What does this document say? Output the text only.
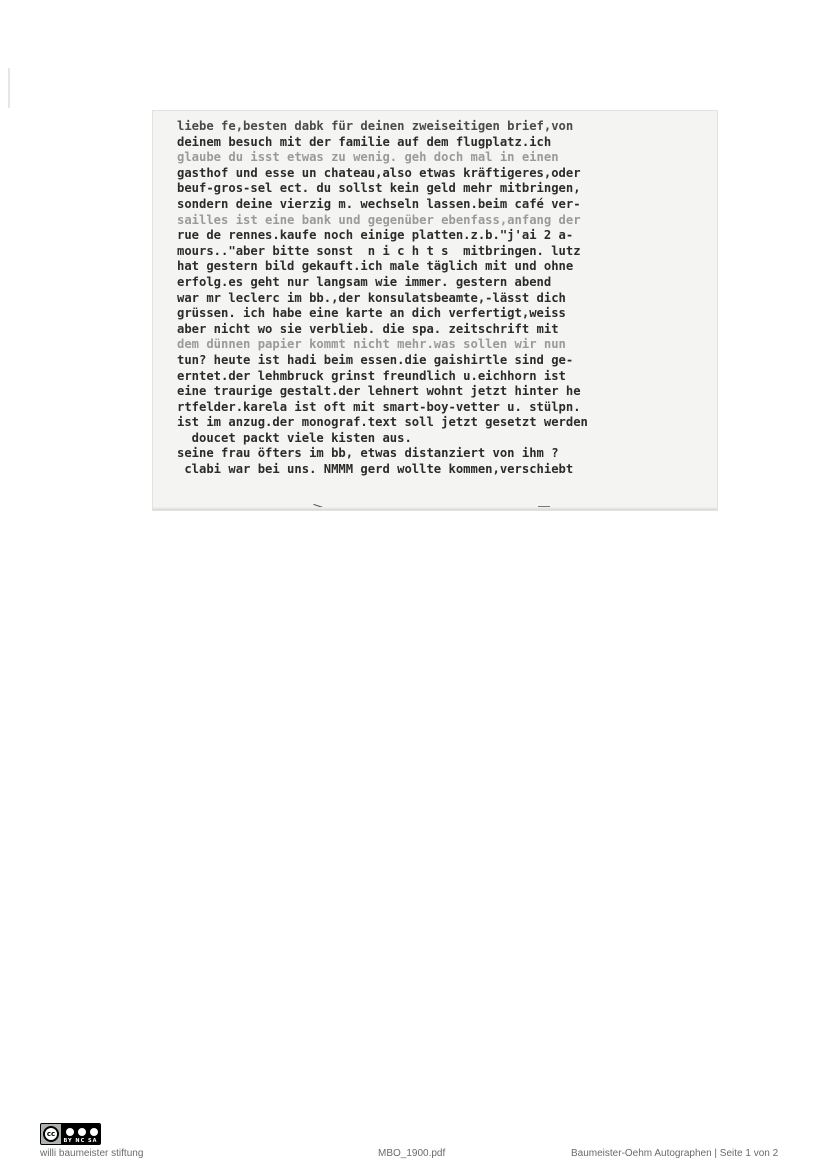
liebe fe,besten dabk für deinen zweiseitigen brief,von
deinem besuch mit der familie auf dem flugplatz.ich
glaube du isst etwas zu wenig. geh doch mal in einen
gasthof und esse un chateau,also etwas kräftigeres,oder
beuf-gros-sel ect. du sollst kein geld mehr mitbringen,
sondern deine vierzig m. wechseln lassen.beim café ver-
sailles ist eine bank und gegenüber ebenfass,anfang der
rue de rennes.kaufe noch einige platten.z.b."j'ai 2 a-
mours.."aber bitte sonst  n i c h t s  mitbringen. lutz
hat gestern bild gekauft.ich male täglich mit und ohne
erfolg.es geht nur langsam wie immer. gestern abend
war mr leclerc im bb.,der konsulatsbeamte,-lässt dich
grüssen. ich habe eine karte an dich verfertigt,weiss
aber nicht wo sie verblieb. die spa. zeitschrift mit
dem dünnen papier kommt nicht mehr.was sollen wir nun
tun? heute ist hadi beim essen.die gaishirtle sind ge-
erntet.der lehmbruck grinst freundlich u.eichhorn ist
eine traurige gestalt.der lehnert wohnt jetzt hinter he
rtfelder.karela ist oft mit smart-boy-vetter u. stülpn.
ist im anzug.der monograf.text soll jetzt gesetzt werden
doucet packt viele kisten aus.
seine frau öfters im bb, etwas distanziert von ihm ?
clabi war bei uns. NMMM gerd wollte kommen,verschiebt
cc
BY NC SA
willi baumeister stiftung	MBO_1900.pdf	Baumeister-Oehm Autographen | Seite 1 von 2
